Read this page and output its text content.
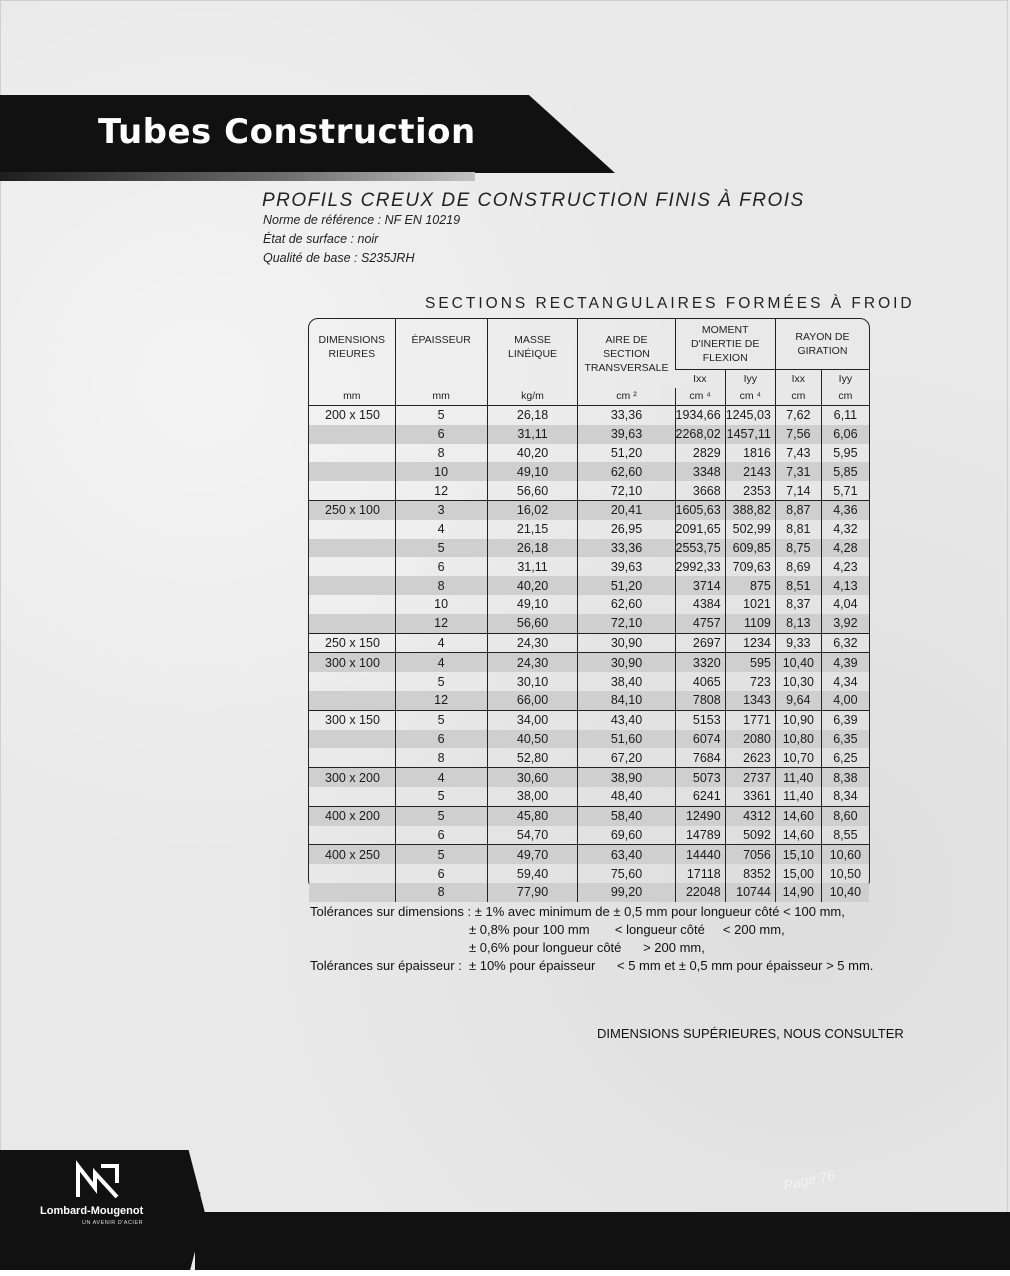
Tubes Construction
PROFILS CREUX DE CONSTRUCTION FINIS À FROIS
Norme de référence : NF EN 10219
État de surface : noir
Qualité de base : S235JRH
SECTIONS RECTANGULAIRES FORMÉES À FROID
DIMENSIONS RIEURES	ÉPAISSEUR	MASSE LINÉIQUE	AIRE DE SECTION TRANSVERSALE	MOMENT D'INERTIE DE FLEXION		RAYON DE GIRATION	
				Ixx	Iyy	Ixx	Iyy
mm	mm	kg/m	cm ²	cm ⁴	cm ⁴	cm	cm
200 x 150	5	26,18	33,36	1934,66	1245,03	7,62	6,11
	6	31,11	39,63	2268,02	1457,11	7,56	6,06
	8	40,20	51,20	2829	1816	7,43	5,95
	10	49,10	62,60	3348	2143	7,31	5,85
	12	56,60	72,10	3668	2353	7,14	5,71
250 x 100	3	16,02	20,41	1605,63	388,82	8,87	4,36
	4	21,15	26,95	2091,65	502,99	8,81	4,32
	5	26,18	33,36	2553,75	609,85	8,75	4,28
	6	31,11	39,63	2992,33	709,63	8,69	4,23
	8	40,20	51,20	3714	875	8,51	4,13
	10	49,10	62,60	4384	1021	8,37	4,04
	12	56,60	72,10	4757	1109	8,13	3,92
250 x 150	4	24,30	30,90	2697	1234	9,33	6,32
300 x 100	4	24,30	30,90	3320	595	10,40	4,39
	5	30,10	38,40	4065	723	10,30	4,34
	12	66,00	84,10	7808	1343	9,64	4,00
300 x 150	5	34,00	43,40	5153	1771	10,90	6,39
	6	40,50	51,60	6074	2080	10,80	6,35
	8	52,80	67,20	7684	2623	10,70	6,25
300 x 200	4	30,60	38,90	5073	2737	11,40	8,38
	5	38,00	48,40	6241	3361	11,40	8,34
400 x 200	5	45,80	58,40	12490	4312	14,60	8,60
	6	54,70	69,60	14789	5092	14,60	8,55
400 x 250	5	49,70	63,40	14440	7056	15,10	10,60
	6	59,40	75,60	17118	8352	15,00	10,50
	8	77,90	99,20	22048	10744	14,90	10,40
Tolérances sur dimensions : ± 1% avec minimum de ± 0,5 mm pour longueur côté < 100 mm,
± 0,8% pour 100 mm       < longueur côté     < 200 mm,
± 0,6% pour longueur côté      > 200 mm,
Tolérances sur épaisseur :  ± 10% pour épaisseur      < 5 mm et ± 0,5 mm pour épaisseur > 5 mm.
DIMENSIONS SUPÉRIEURES, NOUS CONSULTER
Lombard-Mougenot
UN AVENIR D'ACIER
76
Page 76
